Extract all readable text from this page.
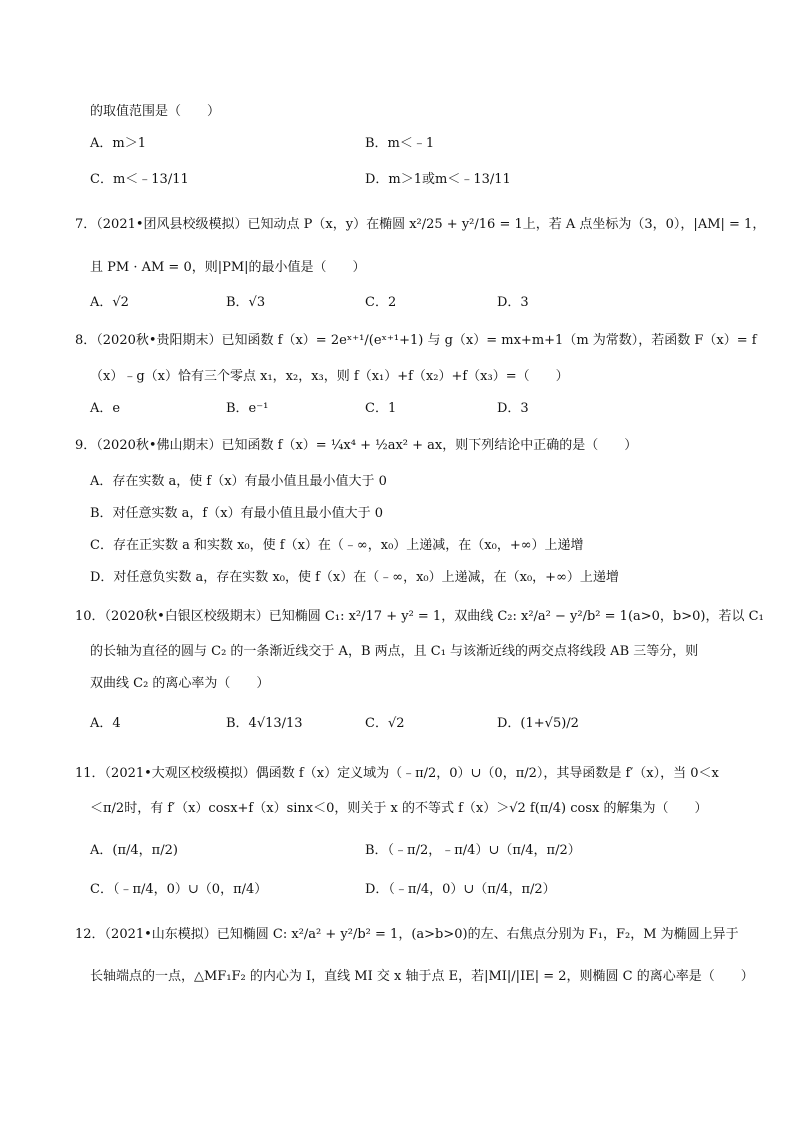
的取值范围是（　　）
A．m＞1	B．m＜﹣1
C．m＜﹣13/11	D．m＞1或m＜﹣13/11
7．（2021•团风县校级模拟）已知动点 P（x，y）在椭圆 x²/25 + y²/16 = 1上，若 A 点坐标为（3，0），|AM| = 1，
且 PM · AM = 0，则|PM|的最小值是（　　）
A．√2	B．√3	C．2	D．3
8．（2020秋•贵阳期末）已知函数 f（x）= 2eˣ⁺¹/(eˣ⁺¹+1) 与 g（x）= mx+m+1（m 为常数），若函数 F（x）= f
（x）﹣g（x）恰有三个零点 x₁，x₂，x₃，则 f（x₁）+f（x₂）+f（x₃）=（　　）
A．e	B．e⁻¹	C．1	D．3
9．（2020秋•佛山期末）已知函数 f（x）= ¼x⁴ + ½ax² + ax，则下列结论中正确的是（　　）
A．存在实数 a，使 f（x）有最小值且最小值大于 0
B．对任意实数 a，f（x）有最小值且最小值大于 0
C．存在正实数 a 和实数 x₀，使 f（x）在（﹣∞，x₀）上递减，在（x₀，+∞）上递增
D．对任意负实数 a，存在实数 x₀，使 f（x）在（﹣∞，x₀）上递减，在（x₀，+∞）上递增
10．（2020秋•白银区校级期末）已知椭圆 C₁: x²/17 + y² = 1，双曲线 C₂: x²/a² − y²/b² = 1(a>0，b>0)，若以 C₁
的长轴为直径的圆与 C₂ 的一条渐近线交于 A，B 两点，且 C₁ 与该渐近线的两交点将线段 AB 三等分，则
双曲线 C₂ 的离心率为（　　）
A．4	B．4√13/13	C．√2	D．(1+√5)/2
11．（2021•大观区校级模拟）偶函数 f（x）定义域为（﹣π/2，0）∪（0，π/2），其导函数是 f′（x），当 0＜x
＜π/2时，有 f′（x）cosx+f（x）sinx＜0，则关于 x 的不等式 f（x）＞√2 f(π/4) cosx 的解集为（　　）
A．(π/4，π/2)	B．（﹣π/2，﹣π/4）∪（π/4，π/2）
C．（﹣π/4，0）∪（0，π/4）	D．（﹣π/4，0）∪（π/4，π/2）
12．（2021•山东模拟）已知椭圆 C: x²/a² + y²/b² = 1，(a>b>0)的左、右焦点分别为 F₁，F₂，M 为椭圆上异于
长轴端点的一点，△MF₁F₂ 的内心为 I，直线 MI 交 x 轴于点 E，若|MI|/|IE| = 2，则椭圆 C 的离心率是（　　）
